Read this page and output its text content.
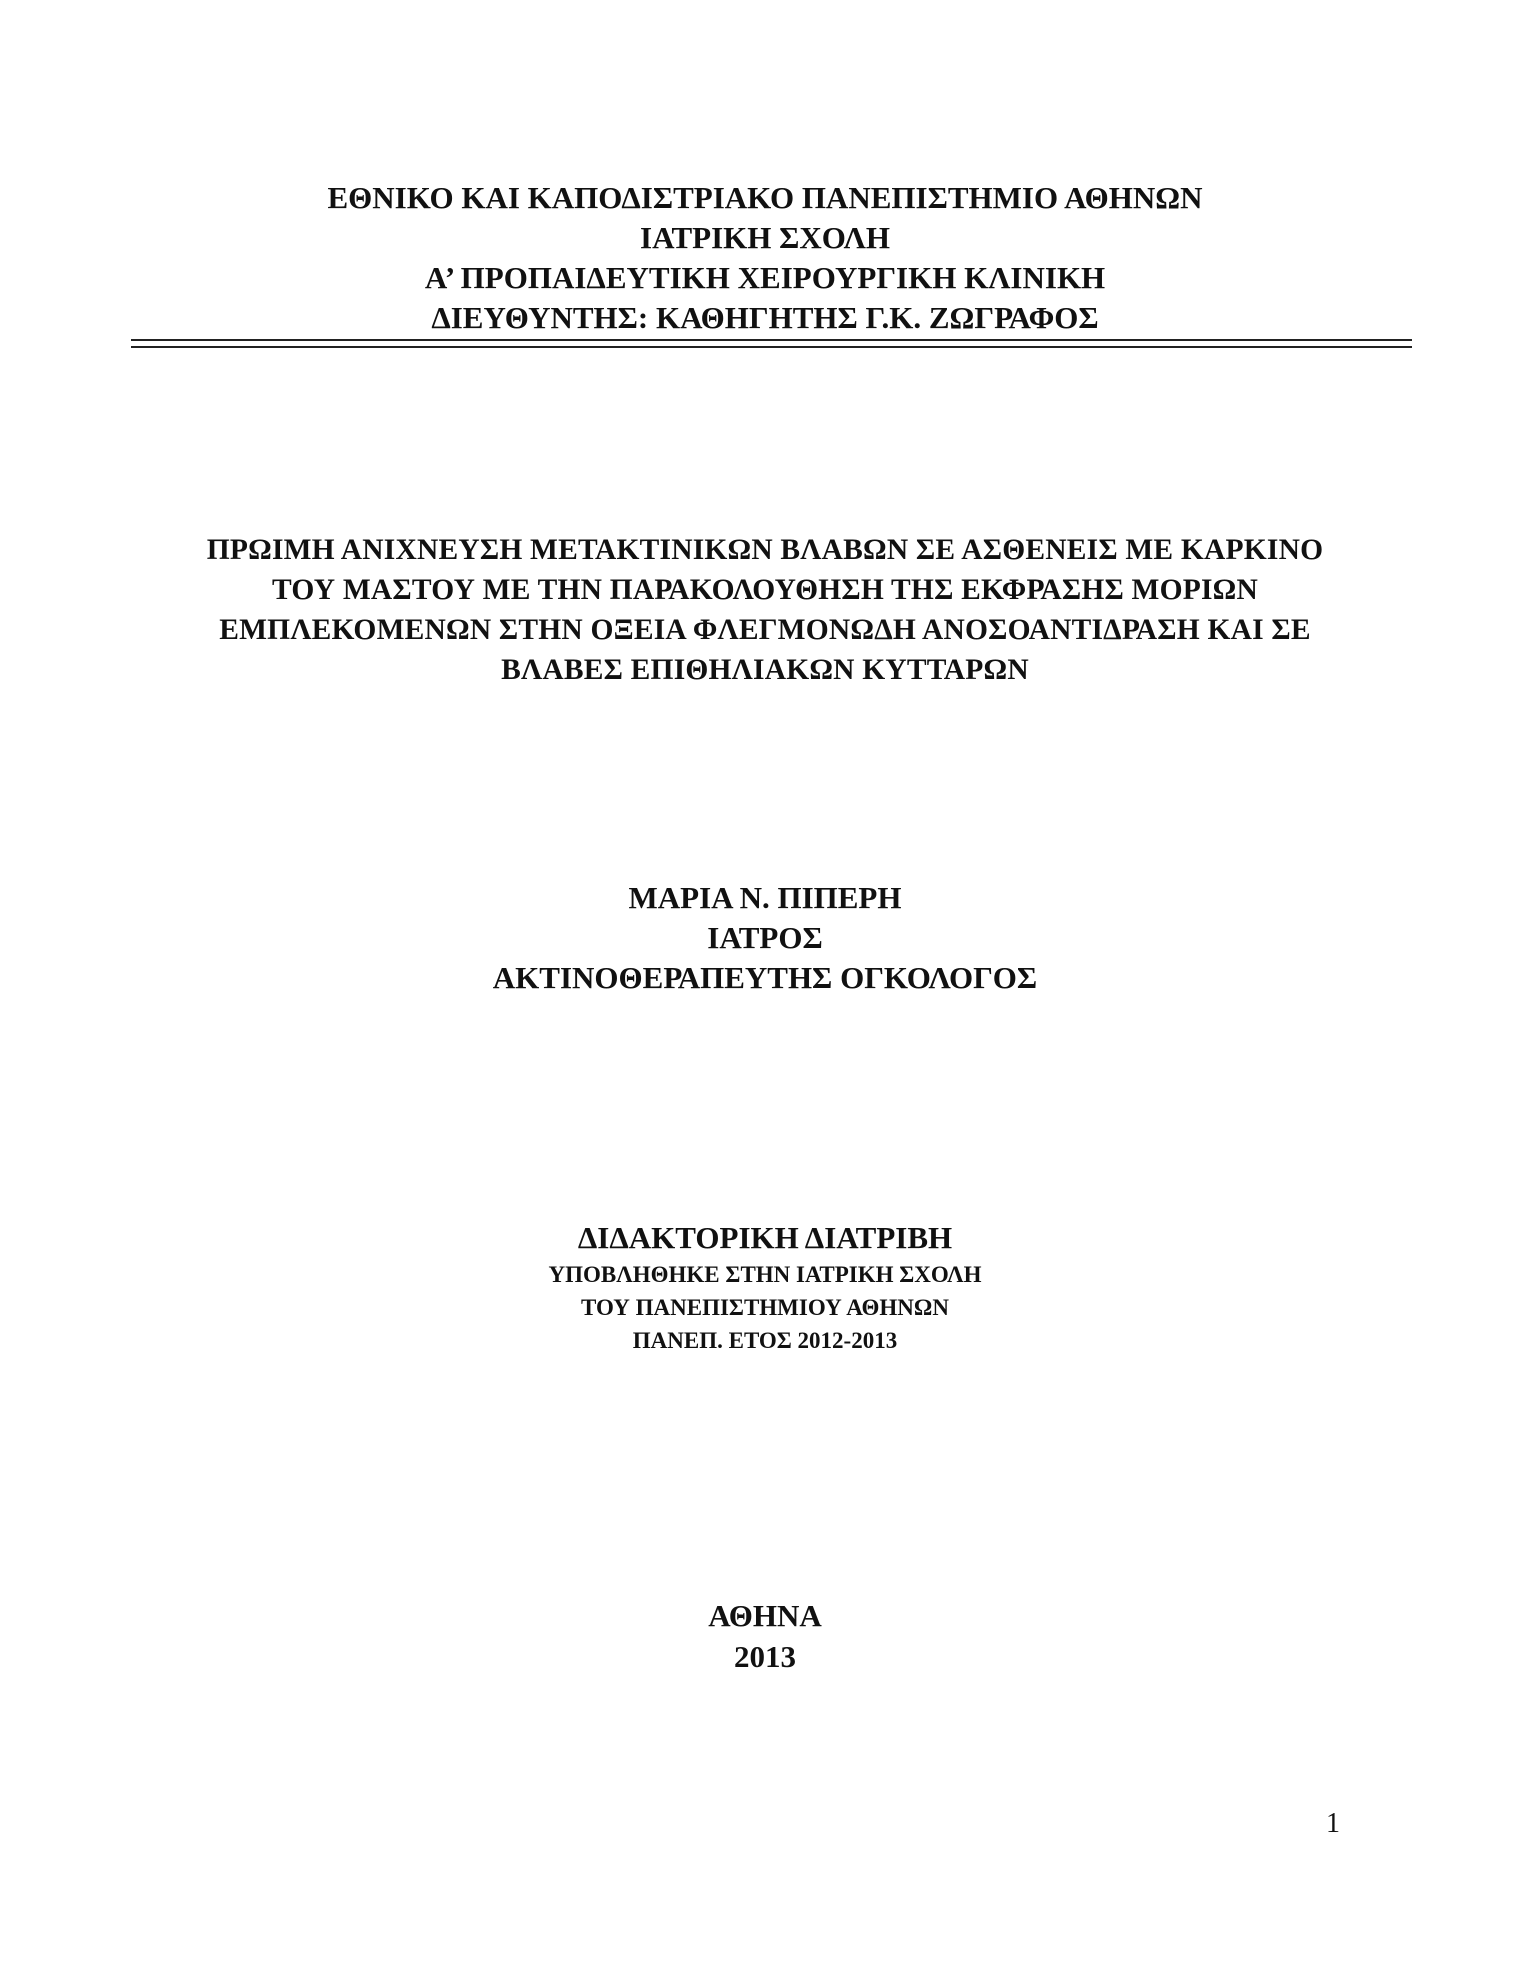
ΕΘΝΙΚΟ ΚΑΙ ΚΑΠΟΔΙΣΤΡΙΑΚΟ ΠΑΝΕΠΙΣΤΗΜΙΟ ΑΘΗΝΩΝ
ΙΑΤΡΙΚΗ ΣΧΟΛΗ
Α’ ΠΡΟΠΑΙΔΕΥΤΙΚΗ ΧΕΙΡΟΥΡΓΙΚΗ ΚΛΙΝΙΚΗ
ΔΙΕΥΘΥΝΤΗΣ: ΚΑΘΗΓΗΤΗΣ Γ.Κ. ΖΩΓΡΑΦΟΣ
ΠΡΩΙΜΗ ΑΝΙΧΝΕΥΣΗ ΜΕΤΑΚΤΙΝΙΚΩΝ ΒΛΑΒΩΝ ΣΕ ΑΣΘΕΝΕΙΣ ΜΕ ΚΑΡΚΙΝΟ
ΤΟΥ ΜΑΣΤΟΥ ΜΕ ΤΗΝ ΠΑΡΑΚΟΛΟΥΘΗΣΗ ΤΗΣ ΕΚΦΡΑΣΗΣ ΜΟΡΙΩΝ
ΕΜΠΛΕΚΟΜΕΝΩΝ ΣΤΗΝ ΟΞΕΙΑ ΦΛΕΓΜΟΝΩΔΗ ΑΝΟΣΟΑΝΤΙΔΡΑΣΗ ΚΑΙ ΣΕ
ΒΛΑΒΕΣ ΕΠΙΘΗΛΙΑΚΩΝ ΚΥΤΤΑΡΩΝ
ΜΑΡΙΑ Ν. ΠΙΠΕΡΗ
ΙΑΤΡΟΣ
ΑΚΤΙΝΟΘΕΡΑΠΕΥΤΗΣ ΟΓΚΟΛΟΓΟΣ
ΔΙΔΑΚΤΟΡΙΚΗ ΔΙΑΤΡΙΒΗ
ΥΠΟΒΛΗΘΗΚΕ ΣΤΗΝ ΙΑΤΡΙΚΗ ΣΧΟΛΗ
ΤΟΥ ΠΑΝΕΠΙΣΤΗΜΙΟΥ ΑΘΗΝΩΝ
ΠΑΝΕΠ. ΕΤΟΣ 2012-2013
ΑΘΗΝΑ
2013
1
